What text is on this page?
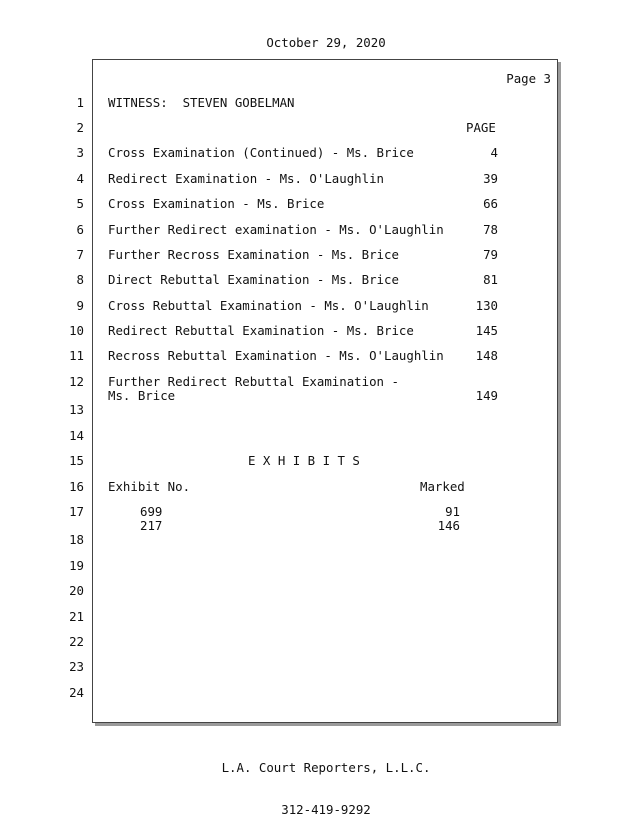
October 29, 2020
Page 3
1
2
3
4
5
6
7
8
9
10
11
12
13
14
15
16
17
18
19
20
21
22
23
24
WITNESS:  STEVEN GOBELMAN
PAGE
Cross Examination (Continued) - Ms. Brice	4
Redirect Examination - Ms. O'Laughlin	39
Cross Examination - Ms. Brice	66
Further Redirect examination - Ms. O'Laughlin	78
Further Recross Examination - Ms. Brice	79
Direct Rebuttal Examination - Ms. Brice	81
Cross Rebuttal Examination - Ms. O'Laughlin	130
Redirect Rebuttal Examination - Ms. Brice	145
Recross Rebuttal Examination - Ms. O'Laughlin	148
Further Redirect Rebuttal Examination -
Ms. Brice	149
E X H I B I T S
Exhibit No.	Marked
699	91
217	146

L.A. Court Reporters, L.L.C.

312-419-9292
